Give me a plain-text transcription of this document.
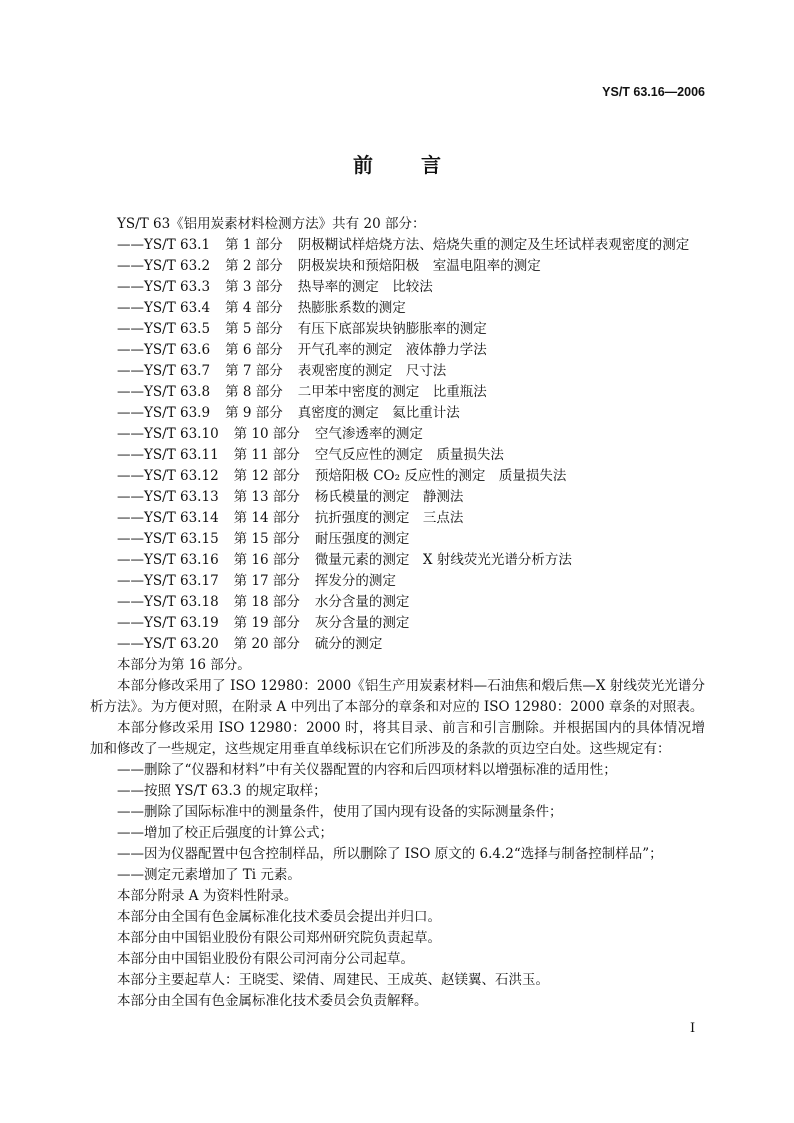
YS/T 63.16—2006
前言

YS/T 63《铝用炭素材料检测方法》共有 20 部分：

——YS/T 63.1 第 1 部分 阴极糊试样焙烧方法、焙烧失重的测定及生坯试样表观密度的测定
——YS/T 63.2 第 2 部分 阴极炭块和预焙阳极　室温电阻率的测定
——YS/T 63.3 第 3 部分 热导率的测定　比较法
——YS/T 63.4 第 4 部分 热膨胀系数的测定
——YS/T 63.5 第 5 部分 有压下底部炭块钠膨胀率的测定
——YS/T 63.6 第 6 部分 开气孔率的测定　液体静力学法
——YS/T 63.7 第 7 部分 表观密度的测定　尺寸法
——YS/T 63.8 第 8 部分 二甲苯中密度的测定　比重瓶法
——YS/T 63.9 第 9 部分 真密度的测定　氦比重计法
——YS/T 63.10 第 10 部分 空气渗透率的测定
——YS/T 63.11 第 11 部分 空气反应性的测定　质量损失法
——YS/T 63.12 第 12 部分 预焙阳极 CO₂ 反应性的测定　质量损失法
——YS/T 63.13 第 13 部分 杨氏模量的测定　静测法
——YS/T 63.14 第 14 部分 抗折强度的测定　三点法
——YS/T 63.15 第 15 部分 耐压强度的测定
——YS/T 63.16 第 16 部分 微量元素的测定　X 射线荧光光谱分析方法
——YS/T 63.17 第 17 部分 挥发分的测定
——YS/T 63.18 第 18 部分 水分含量的测定
——YS/T 63.19 第 19 部分 灰分含量的测定
——YS/T 63.20 第 20 部分 硫分的测定

本部分为第 16 部分。

本部分修改采用了 ISO 12980：2000《铝生产用炭素材料—石油焦和煅后焦—X 射线荧光光谱分析方法》。为方便对照，在附录 A 中列出了本部分的章条和对应的 ISO 12980：2000 章条的对照表。

本部分修改采用 ISO 12980：2000 时，将其目录、前言和引言删除。并根据国内的具体情况增加和修改了一些规定，这些规定用垂直单线标识在它们所涉及的条款的页边空白处。这些规定有：

——删除了“仪器和材料”中有关仪器配置的内容和后四项材料以增强标准的适用性；
——按照 YS/T 63.3 的规定取样；
——删除了国际标准中的测量条件，使用了国内现有设备的实际测量条件；
——增加了校正后强度的计算公式；
——因为仪器配置中包含控制样品，所以删除了 ISO 原文的 6.4.2“选择与制备控制样品”；
——测定元素增加了 Ti 元素。

本部分附录 A 为资料性附录。

本部分由全国有色金属标准化技术委员会提出并归口。

本部分由中国铝业股份有限公司郑州研究院负责起草。

本部分由中国铝业股份有限公司河南分公司起草。

本部分主要起草人：王晓雯、梁倩、周建民、王成英、赵镁翼、石洪玉。

本部分由全国有色金属标准化技术委员会负责解释。

I
